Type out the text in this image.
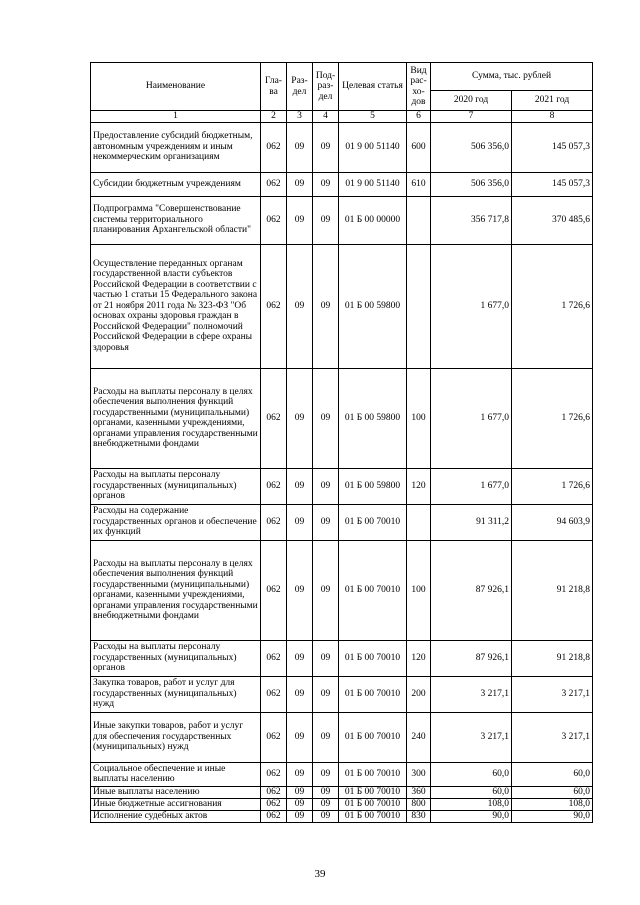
Наименование	Гла-ва	Раз-дел	Под-раз-дел	Целевая статья	Вид рас-хо-дов	Сумма, тыс. рублей	
						2020 год	2021 год
1	2	3	4	5	6	7	8
Предоставление субсидий бюджетным, автономным учреждениям и иным некоммерческим организациям	062	09	09	01 9 00 51140	600	506 356,0	145 057,3
Субсидии бюджетным учреждениям	062	09	09	01 9 00 51140	610	506 356,0	145 057,3
Подпрограмма "Совершенствование системы территориального планирования Архангельской области"	062	09	09	01 Б 00 00000		356 717,8	370 485,6
Осуществление переданных органам государственной власти субъектов Российской Федерации в соответствии с частью 1 статьи 15 Федерального закона от 21 ноября 2011 года № 323-ФЗ "Об основах охраны здоровья граждан в Российской Федерации" полномочий Российской Федерации в сфере охраны здоровья	062	09	09	01 Б 00 59800		1 677,0	1 726,6
Расходы на выплаты персоналу в целях обеспечения выполнения функций государственными (муниципальными) органами, казенными учреждениями, органами управления государственными внебюджетными фондами	062	09	09	01 Б 00 59800	100	1 677,0	1 726,6
Расходы на выплаты персоналу государственных (муниципальных) органов	062	09	09	01 Б 00 59800	120	1 677,0	1 726,6
Расходы на содержание государственных органов и обеспечение их функций	062	09	09	01 Б 00 70010		91 311,2	94 603,9
Расходы на выплаты персоналу в целях обеспечения выполнения функций государственными (муниципальными) органами, казенными учреждениями, органами управления государственными внебюджетными фондами	062	09	09	01 Б 00 70010	100	87 926,1	91 218,8
Расходы на выплаты персоналу государственных (муниципальных) органов	062	09	09	01 Б 00 70010	120	87 926,1	91 218,8
Закупка товаров, работ и услуг для государственных (муниципальных) нужд	062	09	09	01 Б 00 70010	200	3 217,1	3 217,1
Иные закупки товаров, работ и услуг для обеспечения государственных (муниципальных) нужд	062	09	09	01 Б 00 70010	240	3 217,1	3 217,1
Социальное обеспечение и иные выплаты населению	062	09	09	01 Б 00 70010	300	60,0	60,0
Иные выплаты населению	062	09	09	01 Б 00 70010	360	60,0	60,0
Иные бюджетные ассигнования	062	09	09	01 Б 00 70010	800	108,0	108,0
Исполнение судебных актов	062	09	09	01 Б 00 70010	830	90,0	90,0
39
